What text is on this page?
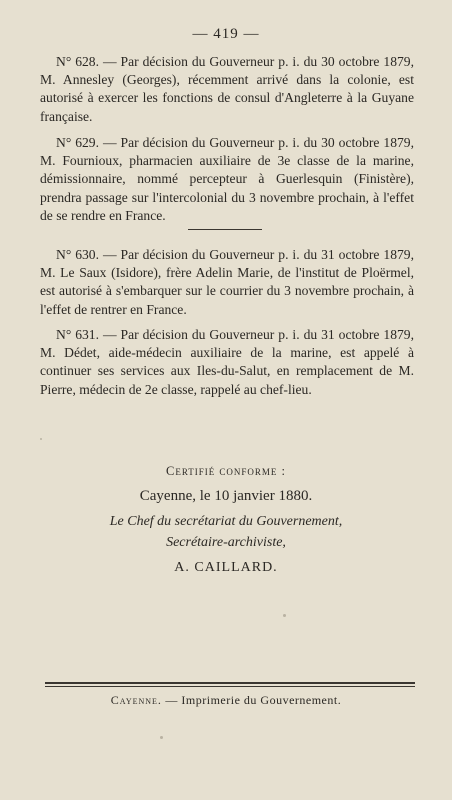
— 419 —

N° 628. — Par décision du Gouverneur p. i. du 30 octobre 1879, M. Annesley (Georges), récemment arrivé dans la colonie, est autorisé à exercer les fonctions de consul d'Angleterre à la Guyane française.

N° 629. — Par décision du Gouverneur p. i. du 30 octobre 1879, M. Fournioux, pharmacien auxiliaire de 3e classe de la marine, démissionnaire, nommé percepteur à Guerlesquin (Finistère), prendra passage sur l'intercolonial du 3 novembre prochain, à l'effet de se rendre en France.

N° 630. — Par décision du Gouverneur p. i. du 31 octobre 1879, M. Le Saux (Isidore), frère Adelin Marie, de l'institut de Ploërmel, est autorisé à s'embarquer sur le courrier du 3 novembre prochain, à l'effet de rentrer en France.

N° 631. — Par décision du Gouverneur p. i. du 31 octobre 1879, M. Dédet, aide-médecin auxiliaire de la marine, est appelé à continuer ses services aux Iles-du-Salut, en remplacement de M. Pierre, médecin de 2e classe, rappelé au chef-lieu.

Certifié conforme :
Cayenne, le 10 janvier 1880.
Le Chef du secrétariat du Gouvernement,
Secrétaire-archiviste,
A. CAILLARD.
Cayenne. — Imprimerie du Gouvernement.
